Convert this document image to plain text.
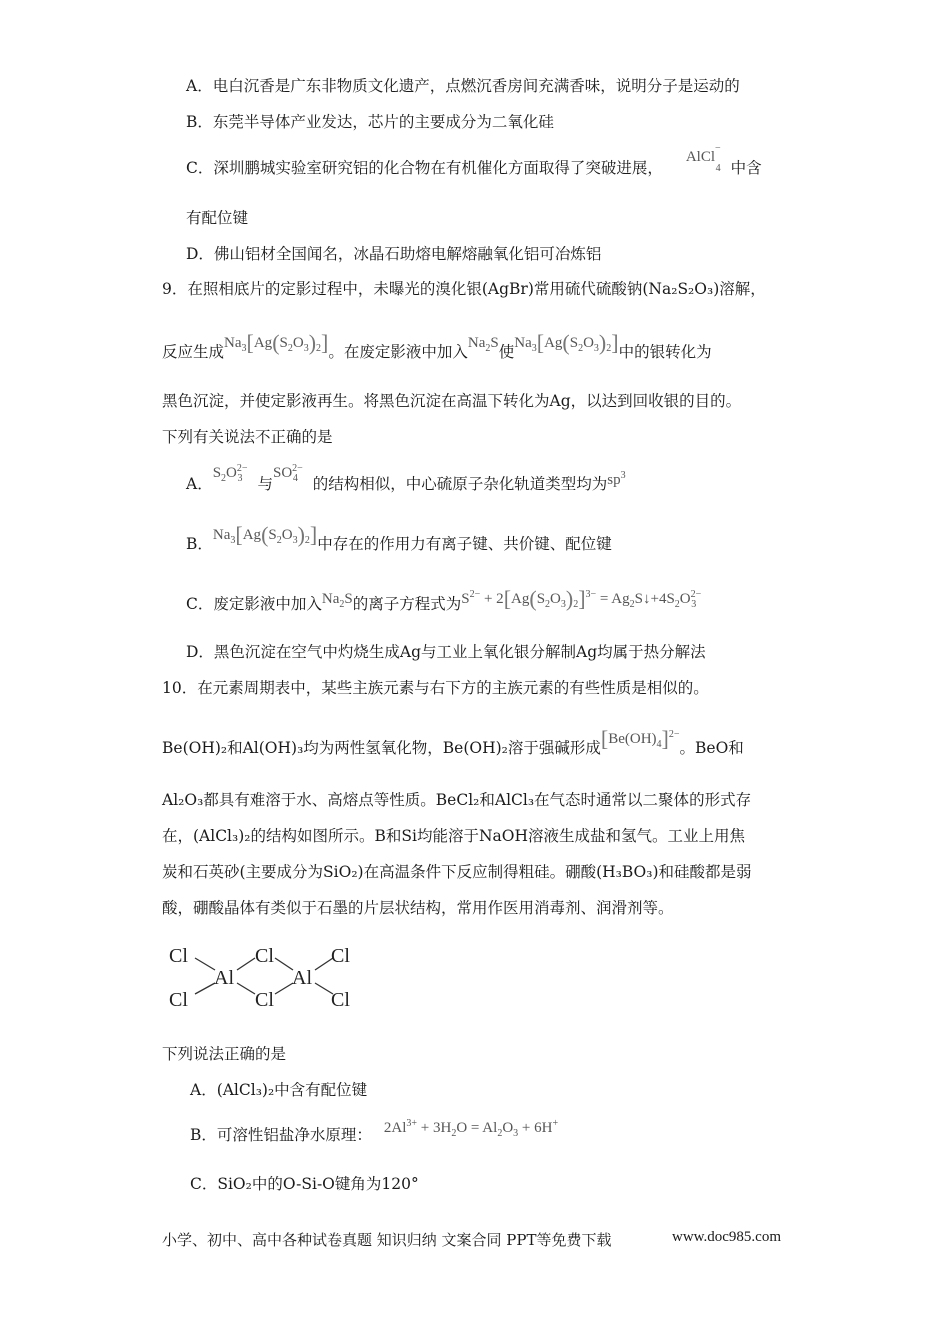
A．电白沉香是广东非物质文化遗产，点燃沉香房间充满香味，说明分子是运动的
B．东莞半导体产业发达，芯片的主要成分为二氧化硅
C．深圳鹏城实验室研究铝的化合物在有机催化方面取得了突破进展， AlCl−$_4$ 中含
有配位键
D．佛山铝材全国闻名，冰晶石助熔电解熔融氧化铝可冶炼铝
9．在照相底片的定影过程中，未曝光的溴化银(AgBr)常用硫代硫酸钠(Na₂S₂O₃)溶解，
反应生成$Na_3[Ag(S_2O_3)_2]$。在废定影液中加入$Na_2S$使$Na_3[Ag(S_2O_3)_2]$中的银转化为
黑色沉淀，并使定影液再生。将黑色沉淀在高温下转化为Ag，以达到回收银的目的。
下列有关说法不正确的是
A．$S_2O^{2-}_3$ 与$SO^{2-}_4$ 的结构相似，中心硫原子杂化轨道类型均为$sp^3$
B．$Na_3[Ag(S_2O_3)_2]$中存在的作用力有离子键、共价键、配位键
C．废定影液中加入$Na_2S$的离子方程式为$S^{2-} + 2[Ag(S_2O_3)_2]^{3-}$ = $Ag_2S↓+4S_2O^{2-}_3$
D．黑色沉淀在空气中灼烧生成Ag与工业上氧化银分解制Ag均属于热分解法
10．在元素周期表中，某些主族元素与右下方的主族元素的有些性质是相似的。
Be(OH)₂和Al(OH)₃均为两性氢氧化物，Be(OH)₂溶于强碱形成$[Be(OH)_4]^{2-}$。BeO和
Al₂O₃都具有难溶于水、高熔点等性质。BeCl₂和AlCl₃在气态时通常以二聚体的形式存
在，(AlCl₃)₂的结构如图所示。B和Si均能溶于NaOH溶液生成盐和氢气。工业上用焦
炭和石英砂(主要成分为SiO₂)在高温条件下反应制得粗硅。硼酸(H₃BO₃)和硅酸都是弱
酸，硼酸晶体有类似于石墨的片层状结构，常用作医用消毒剂、润滑剂等。
Cl
Cl
Al
Cl
Cl
Al
Cl
Cl
下列说法正确的是
A．(AlCl₃)₂中含有配位键
B．可溶性铝盐净水原理： $2Al^{3+} + 3H_2O = Al_2O_3 + 6H^+$
C．SiO₂中的O-Si-O键角为120°
小学、初中、高中各种试卷真题 知识归纳 文案合同 PPT等免费下载	www.doc985.com
